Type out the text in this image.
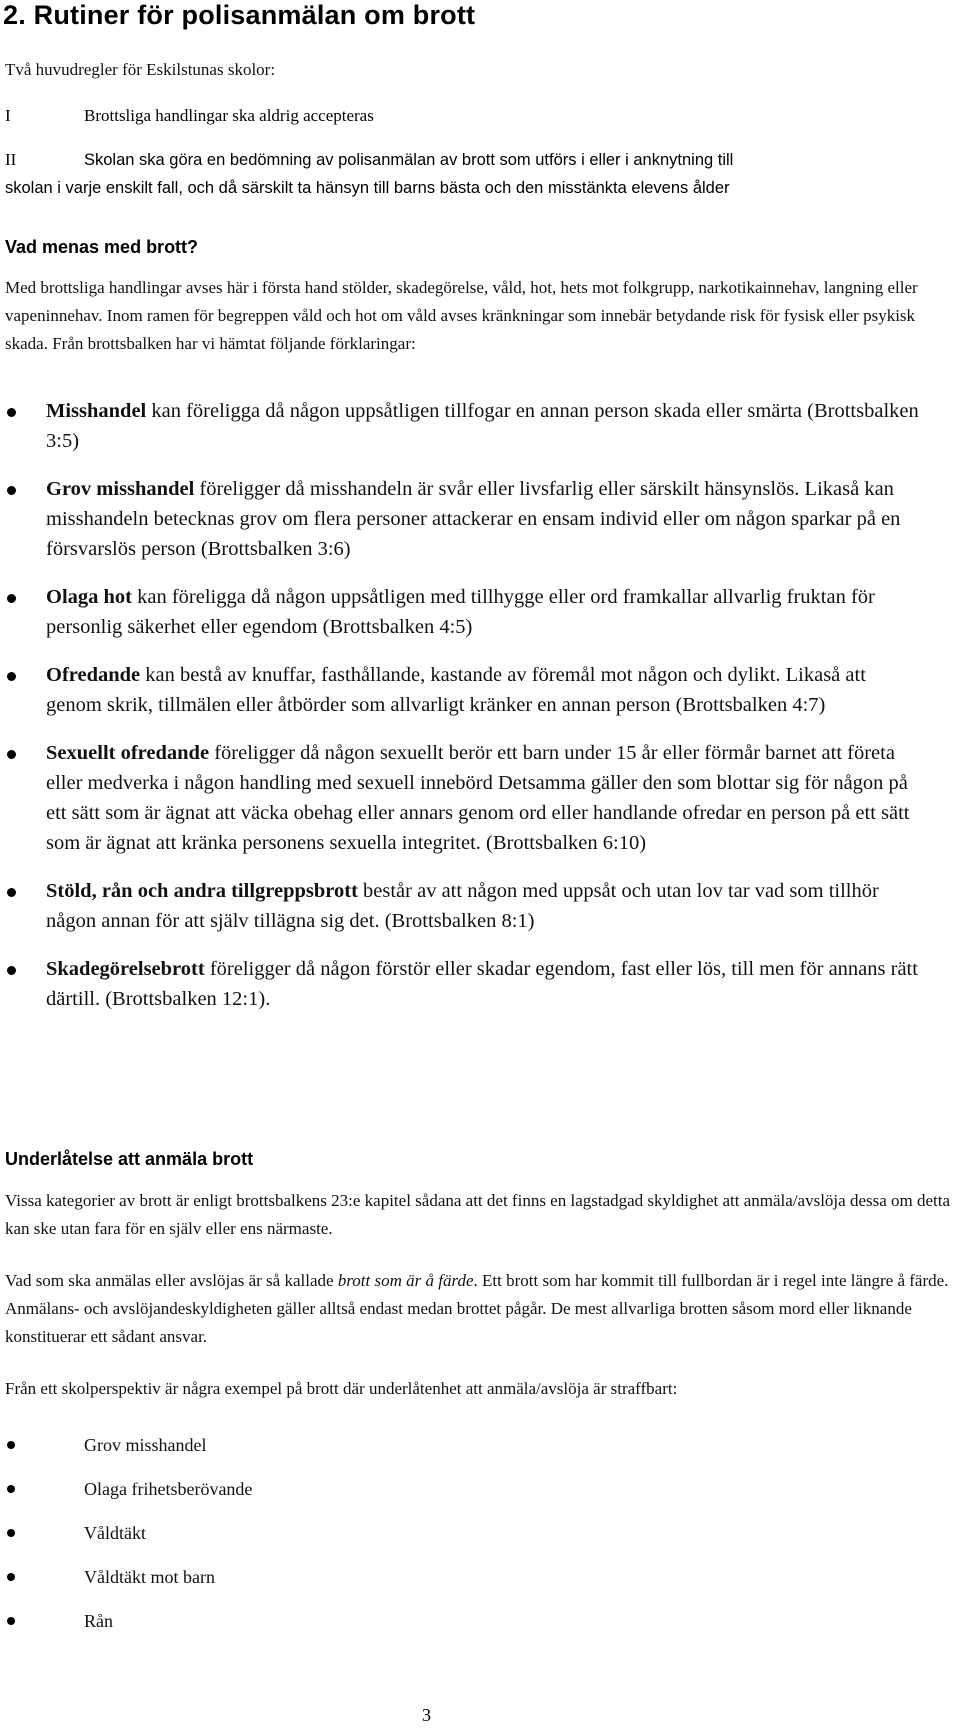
2. Rutiner för polisanmälan om brott

Två huvudregler för Eskilstunas skolor:

I	Brottsliga handlingar ska aldrig accepteras
II	Skolan ska göra en bedömning av polisanmälan av brott som utförs i eller i anknytning till
skolan i varje enskilt fall, och då särskilt ta hänsyn till barns bästa och den misstänkta elevens ålder
Vad menas med brott?

Med brottsliga handlingar avses här i första hand stölder, skadegörelse, våld, hot, hets mot folkgrupp, narkotikainnehav, langning eller vapeninnehav. Inom ramen för begreppen våld och hot om våld avses kränkningar som innebär betydande risk för fysisk eller psykisk skada. Från brottsbalken har vi hämtat följande förklaringar:

Misshandel kan föreligga då någon uppsåtligen tillfogar en annan person skada eller smärta (Brottsbalken 3:5)
Grov misshandel föreligger då misshandeln är svår eller livsfarlig eller särskilt hänsynslös. Likaså kan misshandeln betecknas grov om flera personer attackerar en ensam individ eller om någon sparkar på en försvarslös person (Brottsbalken 3:6)
Olaga hot kan föreligga då någon uppsåtligen med tillhygge eller ord framkallar allvarlig fruktan för personlig säkerhet eller egendom (Brottsbalken 4:5)
Ofredande kan bestå av knuffar, fasthållande, kastande av föremål mot någon och dylikt. Likaså att genom skrik, tillmälen eller åtbörder som allvarligt kränker en annan person (Brottsbalken 4:7)
Sexuellt ofredande föreligger då någon sexuellt berör ett barn under 15 år eller förmår barnet att företa eller medverka i någon handling med sexuell innebörd Detsamma gäller den som blottar sig för någon på ett sätt som är ägnat att väcka obehag eller annars genom ord eller handlande ofredar en person på ett sätt som är ägnat att kränka personens sexuella integritet. (Brottsbalken 6:10)
Stöld, rån och andra tillgreppsbrott består av att någon med uppsåt och utan lov tar vad som tillhör någon annan för att själv tillägna sig det. (Brottsbalken 8:1)
Skadegörelsebrott föreligger då någon förstör eller skadar egendom, fast eller lös, till men för annans rätt därtill. (Brottsbalken 12:1).
Underlåtelse att anmäla brott

Vissa kategorier av brott är enligt brottsbalkens 23:e kapitel sådana att det finns en lagstadgad skyldighet att anmäla/avslöja dessa om detta kan ske utan fara för en själv eller ens närmaste.

Vad som ska anmälas eller avslöjas är så kallade brott som är å färde. Ett brott som har kommit till fullbordan är i regel inte längre å färde. Anmälans- och avslöjandeskyldigheten gäller alltså endast medan brottet pågår. De mest allvarliga brotten såsom mord eller liknande konstituerar ett sådant ansvar.

Från ett skolperspektiv är några exempel på brott där underlåtenhet att anmäla/avslöja är straffbart:

Grov misshandel
Olaga frihetsberövande
Våldtäkt
Våldtäkt mot barn
Rån
3
